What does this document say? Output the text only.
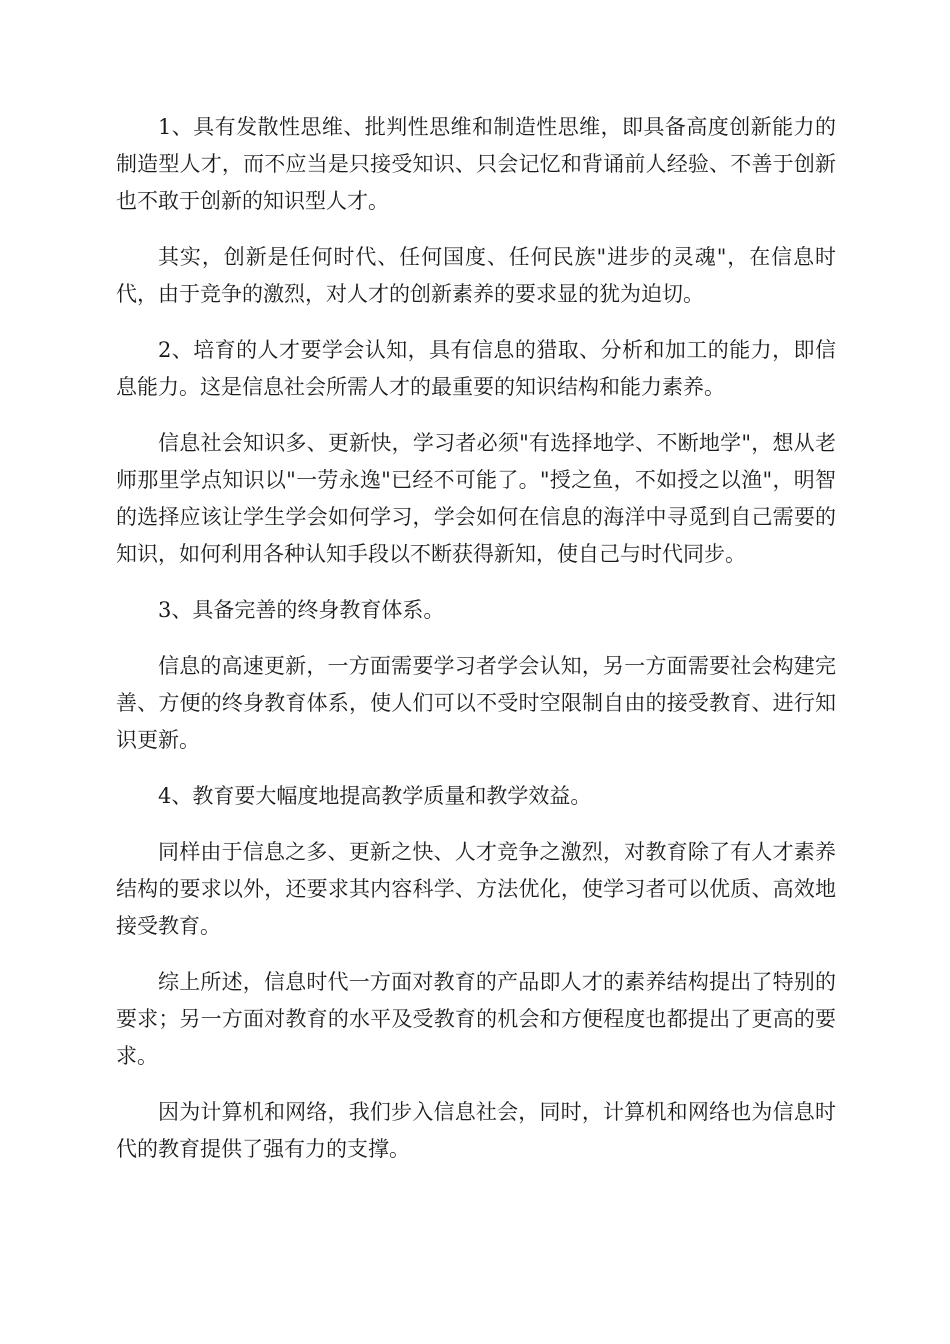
1、具有发散性思维、批判性思维和制造性思维，即具备高度创新能力的制造型人才，而不应当是只接受知识、只会记忆和背诵前人经验、不善于创新也不敢于创新的知识型人才。

其实，创新是任何时代、任何国度、任何民族"进步的灵魂"，在信息时代，由于竞争的激烈，对人才的创新素养的要求显的犹为迫切。

2、培育的人才要学会认知，具有信息的猎取、分析和加工的能力，即信息能力。这是信息社会所需人才的最重要的知识结构和能力素养。

信息社会知识多、更新快，学习者必须"有选择地学、不断地学"，想从老师那里学点知识以"一劳永逸"已经不可能了。"授之鱼，不如授之以渔"，明智的选择应该让学生学会如何学习，学会如何在信息的海洋中寻觅到自己需要的知识，如何利用各种认知手段以不断获得新知，使自己与时代同步。

3、具备完善的终身教育体系。

信息的高速更新，一方面需要学习者学会认知，另一方面需要社会构建完善、方便的终身教育体系，使人们可以不受时空限制自由的接受教育、进行知识更新。

4、教育要大幅度地提高教学质量和教学效益。

同样由于信息之多、更新之快、人才竞争之激烈，对教育除了有人才素养结构的要求以外，还要求其内容科学、方法优化，使学习者可以优质、高效地接受教育。

综上所述，信息时代一方面对教育的产品即人才的素养结构提出了特别的要求；另一方面对教育的水平及受教育的机会和方便程度也都提出了更高的要求。

因为计算机和网络，我们步入信息社会，同时，计算机和网络也为信息时代的教育提供了强有力的支撑。
